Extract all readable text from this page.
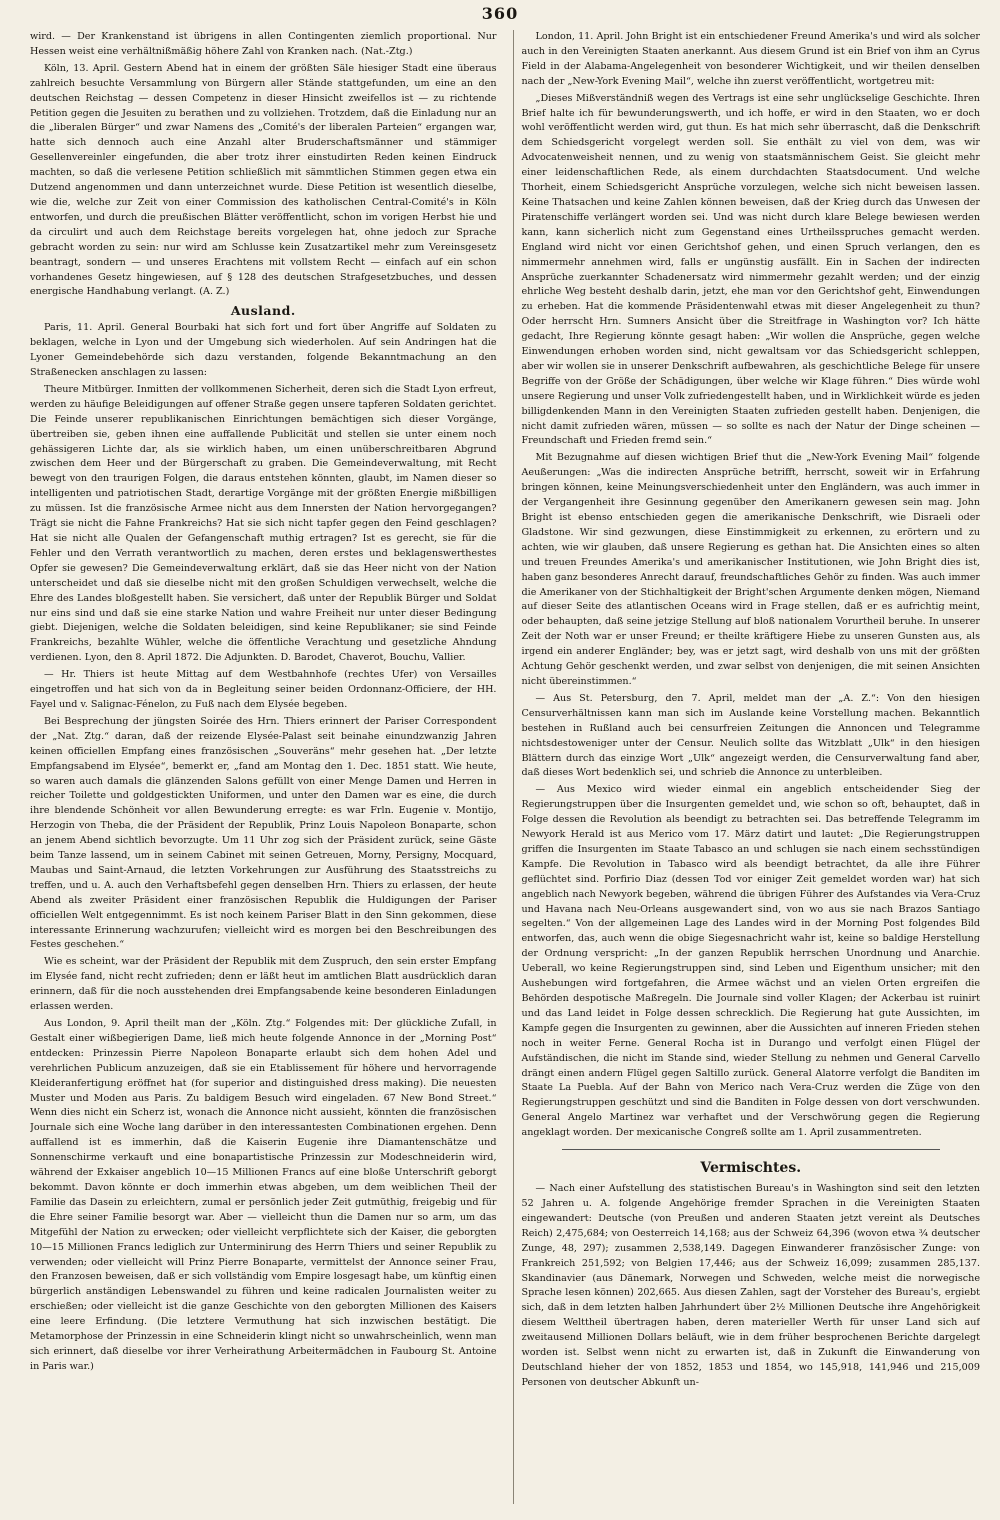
360

wird. — Der Krankenstand ist übrigens in allen Contingenten ziemlich proportional. Nur Hessen weist eine verhältnißmäßig höhere Zahl von Kranken nach. (Nat.-Ztg.)

Köln, 13. April. Gestern Abend hat in einem der größten Säle hiesiger Stadt eine überaus zahlreich besuchte Versammlung von Bürgern aller Stände stattgefunden, um eine an den deutschen Reichstag — dessen Competenz in dieser Hinsicht zweifellos ist — zu richtende Petition gegen die Jesuiten zu berathen und zu vollziehen. Trotzdem, daß die Einladung nur an die „liberalen Bürger“ und zwar Namens des „Comité's der liberalen Parteien“ ergangen war, hatte sich dennoch auch eine Anzahl alter Bruderschaftsmänner und stämmiger Gesellenvereinler eingefunden, die aber trotz ihrer einstudirten Reden keinen Eindruck machten, so daß die verlesene Petition schließlich mit sämmtlichen Stimmen gegen etwa ein Dutzend angenommen und dann unterzeichnet wurde. Diese Petition ist wesentlich dieselbe, wie die, welche zur Zeit von einer Commission des katholischen Central-Comité's in Köln entworfen, und durch die preußischen Blätter veröffentlicht, schon im vorigen Herbst hie und da circulirt und auch dem Reichstage bereits vorgelegen hat, ohne jedoch zur Sprache gebracht worden zu sein: nur wird am Schlusse kein Zusatzartikel mehr zum Vereinsgesetz beantragt, sondern — und unseres Erachtens mit vollstem Recht — einfach auf ein schon vorhandenes Gesetz hingewiesen, auf § 128 des deutschen Strafgesetzbuches, und dessen energische Handhabung verlangt. (A. Z.)

Ausland.

Paris, 11. April. General Bourbaki hat sich fort und fort über Angriffe auf Soldaten zu beklagen, welche in Lyon und der Umgebung sich wiederholen. Auf sein Andringen hat die Lyoner Gemeindebehörde sich dazu verstanden, folgende Bekanntmachung an den Straßenecken anschlagen zu lassen:

Theure Mitbürger. Inmitten der vollkommenen Sicherheit, deren sich die Stadt Lyon erfreut, werden zu häufige Beleidigungen auf offener Straße gegen unsere tapferen Soldaten gerichtet. Die Feinde unserer republikanischen Einrichtungen bemächtigen sich dieser Vorgänge, übertreiben sie, geben ihnen eine auffallende Publicität und stellen sie unter einem noch gehässigeren Lichte dar, als sie wirklich haben, um einen unüberschreitbaren Abgrund zwischen dem Heer und der Bürgerschaft zu graben. Die Gemeindeverwaltung, mit Recht bewegt von den traurigen Folgen, die daraus entstehen könnten, glaubt, im Namen dieser so intelligenten und patriotischen Stadt, derartige Vorgänge mit der größten Energie mißbilligen zu müssen. Ist die französische Armee nicht aus dem Innersten der Nation hervorgegangen? Trägt sie nicht die Fahne Frankreichs? Hat sie sich nicht tapfer gegen den Feind geschlagen? Hat sie nicht alle Qualen der Gefangenschaft muthig ertragen? Ist es gerecht, sie für die Fehler und den Verrath verantwortlich zu machen, deren erstes und beklagenswerthestes Opfer sie gewesen? Die Gemeindeverwaltung erklärt, daß sie das Heer nicht von der Nation unterscheidet und daß sie dieselbe nicht mit den großen Schuldigen verwechselt, welche die Ehre des Landes bloßgestellt haben. Sie versichert, daß unter der Republik Bürger und Soldat nur eins sind und daß sie eine starke Nation und wahre Freiheit nur unter dieser Bedingung giebt. Diejenigen, welche die Soldaten beleidigen, sind keine Republikaner; sie sind Feinde Frankreichs, bezahlte Wühler, welche die öffentliche Verachtung und gesetzliche Ahndung verdienen. Lyon, den 8. April 1872. Die Adjunkten. D. Barodet, Chaverot, Bouchu, Vallier.

— Hr. Thiers ist heute Mittag auf dem Westbahnhofe (rechtes Ufer) von Versailles eingetroffen und hat sich von da in Begleitung seiner beiden Ordonnanz-Officiere, der HH. Fayel und v. Salignac-Fénelon, zu Fuß nach dem Elysée begeben.

Bei Besprechung der jüngsten Soirée des Hrn. Thiers erinnert der Pariser Correspondent der „Nat. Ztg.“ daran, daß der reizende Elysée-Palast seit beinahe einundzwanzig Jahren keinen officiellen Empfang eines französischen „Souveräns“ mehr gesehen hat. „Der letzte Empfangsabend im Elysée“, bemerkt er, „fand am Montag den 1. Dec. 1851 statt. Wie heute, so waren auch damals die glänzenden Salons gefüllt von einer Menge Damen und Herren in reicher Toilette und goldgestickten Uniformen, und unter den Damen war es eine, die durch ihre blendende Schönheit vor allen Bewunderung erregte: es war Frln. Eugenie v. Montijo, Herzogin von Theba, die der Präsident der Republik, Prinz Louis Napoleon Bonaparte, schon an jenem Abend sichtlich bevorzugte. Um 11 Uhr zog sich der Präsident zurück, seine Gäste beim Tanze lassend, um in seinem Cabinet mit seinen Getreuen, Morny, Persigny, Mocquard, Maubas und Saint-Arnaud, die letzten Vorkehrungen zur Ausführung des Staatsstreichs zu treffen, und u. A. auch den Verhaftsbefehl gegen denselben Hrn. Thiers zu erlassen, der heute Abend als zweiter Präsident einer französischen Republik die Huldigungen der Pariser officiellen Welt entgegennimmt. Es ist noch keinem Pariser Blatt in den Sinn gekommen, diese interessante Erinnerung wachzurufen; vielleicht wird es morgen bei den Beschreibungen des Festes geschehen.“

Wie es scheint, war der Präsident der Republik mit dem Zuspruch, den sein erster Empfang im Elysée fand, nicht recht zufrieden; denn er läßt heut im amtlichen Blatt ausdrücklich daran erinnern, daß für die noch ausstehenden drei Empfangsabende keine besonderen Einladungen erlassen werden.

Aus London, 9. April theilt man der „Köln. Ztg.“ Folgendes mit: Der glückliche Zufall, in Gestalt einer wißbegierigen Dame, ließ mich heute folgende Annonce in der „Morning Post“ entdecken: Prinzessin Pierre Napoleon Bonaparte erlaubt sich dem hohen Adel und verehrlichen Publicum anzuzeigen, daß sie ein Etablissement für höhere und hervorragende Kleideranfertigung eröffnet hat (for superior and distinguished dress making). Die neuesten Muster und Moden aus Paris. Zu baldigem Besuch wird eingeladen. 67 New Bond Street.“ Wenn dies nicht ein Scherz ist, wonach die Annonce nicht aussieht, könnten die französischen Journale sich eine Woche lang darüber in den interessantesten Combinationen ergehen. Denn auffallend ist es immerhin, daß die Kaiserin Eugenie ihre Diamantenschätze und Sonnenschirme verkauft und eine bonapartistische Prinzessin zur Modeschneiderin wird, während der Exkaiser angeblich 10—15 Millionen Francs auf eine bloße Unterschrift geborgt bekommt. Davon könnte er doch immerhin etwas abgeben, um dem weiblichen Theil der Familie das Dasein zu erleichtern, zumal er persönlich jeder Zeit gutmüthig, freigebig und für die Ehre seiner Familie besorgt war. Aber — vielleicht thun die Damen nur so arm, um das Mitgefühl der Nation zu erwecken; oder vielleicht verpflichtete sich der Kaiser, die geborgten 10—15 Millionen Francs lediglich zur Unterminirung des Herrn Thiers und seiner Republik zu verwenden; oder vielleicht will Prinz Pierre Bonaparte, vermittelst der Annonce seiner Frau, den Franzosen beweisen, daß er sich vollständig vom Empire losgesagt habe, um künftig einen bürgerlich anständigen Lebenswandel zu führen und keine radicalen Journalisten weiter zu erschießen; oder vielleicht ist die ganze Geschichte von den geborgten Millionen des Kaisers eine leere Erfindung. (Die letztere Vermuthung hat sich inzwischen bestätigt. Die Metamorphose der Prinzessin in eine Schneiderin klingt nicht so unwahrscheinlich, wenn man sich erinnert, daß dieselbe vor ihrer Verheirathung Arbeitermädchen in Faubourg St. Antoine in Paris war.)

London, 11. April. John Bright ist ein entschiedener Freund Amerika's und wird als solcher auch in den Vereinigten Staaten anerkannt. Aus diesem Grund ist ein Brief von ihm an Cyrus Field in der Alabama-Angelegenheit von besonderer Wichtigkeit, und wir theilen denselben nach der „New-York Evening Mail“, welche ihn zuerst veröffentlicht, wortgetreu mit:

„Dieses Mißverständniß wegen des Vertrags ist eine sehr unglückselige Geschichte. Ihren Brief halte ich für bewunderungswerth, und ich hoffe, er wird in den Staaten, wo er doch wohl veröffentlicht werden wird, gut thun. Es hat mich sehr überrascht, daß die Denkschrift dem Schiedsgericht vorgelegt werden soll. Sie enthält zu viel von dem, was wir Advocatenweisheit nennen, und zu wenig von staatsmännischem Geist. Sie gleicht mehr einer leidenschaftlichen Rede, als einem durchdachten Staatsdocument. Und welche Thorheit, einem Schiedsgericht Ansprüche vorzulegen, welche sich nicht beweisen lassen. Keine Thatsachen und keine Zahlen können beweisen, daß der Krieg durch das Unwesen der Piratenschiffe verlängert worden sei. Und was nicht durch klare Belege bewiesen werden kann, kann sicherlich nicht zum Gegenstand eines Urtheilsspruches gemacht werden. England wird nicht vor einen Gerichtshof gehen, und einen Spruch verlangen, den es nimmermehr annehmen wird, falls er ungünstig ausfällt. Ein in Sachen der indirecten Ansprüche zuerkannter Schadenersatz wird nimmermehr gezahlt werden; und der einzig ehrliche Weg besteht deshalb darin, jetzt, ehe man vor den Gerichtshof geht, Einwendungen zu erheben. Hat die kommende Präsidentenwahl etwas mit dieser Angelegenheit zu thun? Oder herrscht Hrn. Sumners Ansicht über die Streitfrage in Washington vor? Ich hätte gedacht, Ihre Regierung könnte gesagt haben: „Wir wollen die Ansprüche, gegen welche Einwendungen erhoben worden sind, nicht gewaltsam vor das Schiedsgericht schleppen, aber wir wollen sie in unserer Denkschrift aufbewahren, als geschichtliche Belege für unsere Begriffe von der Größe der Schädigungen, über welche wir Klage führen.“ Dies würde wohl unsere Regierung und unser Volk zufriedengestellt haben, und in Wirklichkeit würde es jeden billigdenkenden Mann in den Vereinigten Staaten zufrieden gestellt haben. Denjenigen, die nicht damit zufrieden wären, müssen — so sollte es nach der Natur der Dinge scheinen — Freundschaft und Frieden fremd sein.“

Mit Bezugnahme auf diesen wichtigen Brief thut die „New-York Evening Mail“ folgende Aeußerungen: „Was die indirecten Ansprüche betrifft, herrscht, soweit wir in Erfahrung bringen können, keine Meinungsverschiedenheit unter den Engländern, was auch immer in der Vergangenheit ihre Gesinnung gegenüber den Amerikanern gewesen sein mag. John Bright ist ebenso entschieden gegen die amerikanische Denkschrift, wie Disraeli oder Gladstone. Wir sind gezwungen, diese Einstimmigkeit zu erkennen, zu erörtern und zu achten, wie wir glauben, daß unsere Regierung es gethan hat. Die Ansichten eines so alten und treuen Freundes Amerika's und amerikanischer Institutionen, wie John Bright dies ist, haben ganz besonderes Anrecht darauf, freundschaftliches Gehör zu finden. Was auch immer die Amerikaner von der Stichhaltigkeit der Bright'schen Argumente denken mögen, Niemand auf dieser Seite des atlantischen Oceans wird in Frage stellen, daß er es aufrichtig meint, oder behaupten, daß seine jetzige Stellung auf bloß nationalem Vorurtheil beruhe. In unserer Zeit der Noth war er unser Freund; er theilte kräftigere Hiebe zu unseren Gunsten aus, als irgend ein anderer Engländer; bey, was er jetzt sagt, wird deshalb von uns mit der größten Achtung Gehör geschenkt werden, und zwar selbst von denjenigen, die mit seinen Ansichten nicht übereinstimmen.“

— Aus St. Petersburg, den 7. April, meldet man der „A. Z.“: Von den hiesigen Censurverhältnissen kann man sich im Auslande keine Vorstellung machen. Bekanntlich bestehen in Rußland auch bei censurfreien Zeitungen die Annoncen und Telegramme nichtsdestoweniger unter der Censur. Neulich sollte das Witzblatt „Ulk“ in den hiesigen Blättern durch das einzige Wort „Ulk“ angezeigt werden, die Censurverwaltung fand aber, daß dieses Wort bedenklich sei, und schrieb die Annonce zu unterbleiben.

— Aus Mexico wird wieder einmal ein angeblich entscheidender Sieg der Regierungstruppen über die Insurgenten gemeldet und, wie schon so oft, behauptet, daß in Folge dessen die Revolution als beendigt zu betrachten sei. Das betreffende Telegramm im Newyork Herald ist aus Merico vom 17. März datirt und lautet: „Die Regierungstruppen griffen die Insurgenten im Staate Tabasco an und schlugen sie nach einem sechsstündigen Kampfe. Die Revolution in Tabasco wird als beendigt betrachtet, da alle ihre Führer geflüchtet sind. Porfirio Diaz (dessen Tod vor einiger Zeit gemeldet worden war) hat sich angeblich nach Newyork begeben, während die übrigen Führer des Aufstandes via Vera-Cruz und Havana nach Neu-Orleans ausgewandert sind, von wo aus sie nach Brazos Santiago segelten.“ Von der allgemeinen Lage des Landes wird in der Morning Post folgendes Bild entworfen, das, auch wenn die obige Siegesnachricht wahr ist, keine so baldige Herstellung der Ordnung verspricht: „In der ganzen Republik herrschen Unordnung und Anarchie. Ueberall, wo keine Regierungstruppen sind, sind Leben und Eigenthum unsicher; mit den Aushebungen wird fortgefahren, die Armee wächst und an vielen Orten ergreifen die Behörden despotische Maßregeln. Die Journale sind voller Klagen; der Ackerbau ist ruinirt und das Land leidet in Folge dessen schrecklich. Die Regierung hat gute Aussichten, im Kampfe gegen die Insurgenten zu gewinnen, aber die Aussichten auf inneren Frieden stehen noch in weiter Ferne. General Rocha ist in Durango und verfolgt einen Flügel der Aufständischen, die nicht im Stande sind, wieder Stellung zu nehmen und General Carvello drängt einen andern Flügel gegen Saltillo zurück. General Alatorre verfolgt die Banditen im Staate La Puebla. Auf der Bahn von Merico nach Vera-Cruz werden die Züge von den Regierungstruppen geschützt und sind die Banditen in Folge dessen von dort verschwunden. General Angelo Martinez war verhaftet und der Verschwörung gegen die Regierung angeklagt worden. Der mexicanische Congreß sollte am 1. April zusammentreten.

Vermischtes.

— Nach einer Aufstellung des statistischen Bureau's in Washington sind seit den letzten 52 Jahren u. A. folgende Angehörige fremder Sprachen in die Vereinigten Staaten eingewandert: Deutsche (von Preußen und anderen Staaten jetzt vereint als Deutsches Reich) 2,475,684; von Oesterreich 14,168; aus der Schweiz 64,396 (wovon etwa ¾ deutscher Zunge, 48, 297); zusammen 2,538,149. Dagegen Einwanderer französischer Zunge: von Frankreich 251,592; von Belgien 17,446; aus der Schweiz 16,099; zusammen 285,137. Skandinavier (aus Dänemark, Norwegen und Schweden, welche meist die norwegische Sprache lesen können) 202,665. Aus diesen Zahlen, sagt der Vorsteher des Bureau's, ergiebt sich, daß in dem letzten halben Jahrhundert über 2½ Millionen Deutsche ihre Angehörigkeit diesem Welttheil übertragen haben, deren materieller Werth für unser Land sich auf zweitausend Millionen Dollars beläuft, wie in dem früher besprochenen Berichte dargelegt worden ist. Selbst wenn nicht zu erwarten ist, daß in Zukunft die Einwanderung von Deutschland hieher der von 1852, 1853 und 1854, wo 145,918, 141,946 und 215,009 Personen von deutscher Abkunft un-
